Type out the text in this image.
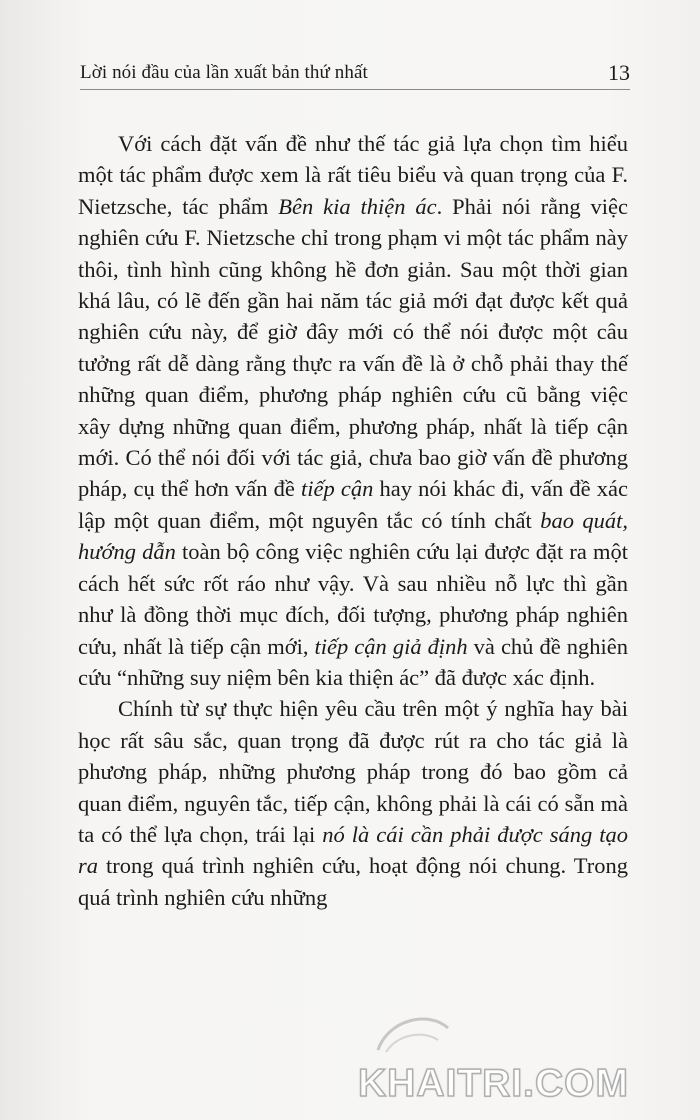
Lời nói đầu của lần xuất bản thứ nhất	13

Với cách đặt vấn đề như thế tác giả lựa chọn tìm hiểu một tác phẩm được xem là rất tiêu biểu và quan trọng của F. Nietzsche, tác phẩm Bên kia thiện ác. Phải nói rằng việc nghiên cứu F. Nietzsche chỉ trong phạm vi một tác phẩm này thôi, tình hình cũng không hề đơn giản. Sau một thời gian khá lâu, có lẽ đến gần hai năm tác giả mới đạt được kết quả nghiên cứu này, để giờ đây mới có thể nói được một câu tưởng rất dễ dàng rằng thực ra vấn đề là ở chỗ phải thay thế những quan điểm, phương pháp nghiên cứu cũ bằng việc xây dựng những quan điểm, phương pháp, nhất là tiếp cận mới. Có thể nói đối với tác giả, chưa bao giờ vấn đề phương pháp, cụ thể hơn vấn đề tiếp cận hay nói khác đi, vấn đề xác lập một quan điểm, một nguyên tắc có tính chất bao quát, hướng dẫn toàn bộ công việc nghiên cứu lại được đặt ra một cách hết sức rốt ráo như vậy. Và sau nhiều nỗ lực thì gần như là đồng thời mục đích, đối tượng, phương pháp nghiên cứu, nhất là tiếp cận mới, tiếp cận giả định và chủ đề nghiên cứu “những suy niệm bên kia thiện ác” đã được xác định.

Chính từ sự thực hiện yêu cầu trên một ý nghĩa hay bài học rất sâu sắc, quan trọng đã được rút ra cho tác giả là phương pháp, những phương pháp trong đó bao gồm cả quan điểm, nguyên tắc, tiếp cận, không phải là cái có sẵn mà ta có thể lựa chọn, trái lại nó là cái cần phải được sáng tạo ra trong quá trình nghiên cứu, hoạt động nói chung. Trong quá trình nghiên cứu những

KHAITRI.COM
